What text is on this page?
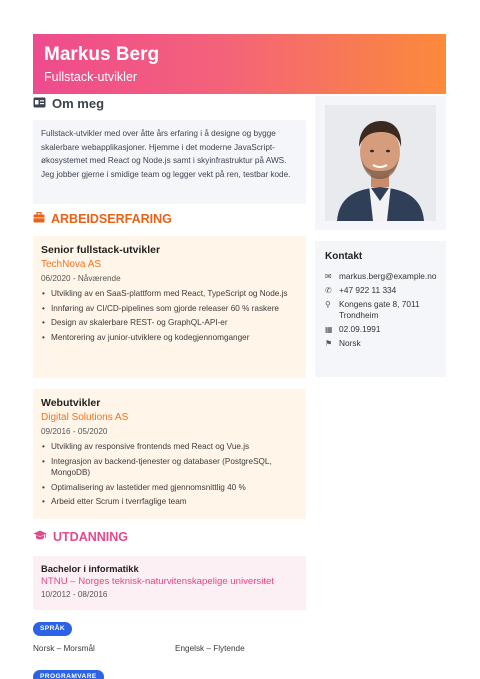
Markus Berg
Fullstack-utvikler
Om meg
Fullstack-utvikler med over åtte års erfaring i å designe og bygge skalerbare webapplikasjoner. Hjemme i det moderne JavaScript-økosystemet med React og Node.js samt i skyinfrastruktur på AWS. Jeg jobber gjerne i smidige team og legger vekt på ren, testbar kode.
Kontakt
✉ markus.berg@example.no
✆ +47 922 11 334
⚲ Kongens gate 8, 7011 Trondheim
▦ 02.09.1991
⚑ Norsk
ARBEIDSERFARING
Senior fullstack-utvikler
TechNova AS
06/2020 - Nåværende
• Utvikling av en SaaS-plattform med React, TypeScript og Node.js
• Innføring av CI/CD-pipelines som gjorde releaser 60 % raskere
• Design av skalerbare REST- og GraphQL-API-er
• Mentorering av junior-utviklere og kodegjennomganger
Webutvikler
Digital Solutions AS
09/2016 - 05/2020
• Utvikling av responsive frontends med React og Vue.js
• Integrasjon av backend-tjenester og databaser (PostgreSQL, MongoDB)
• Optimalisering av lastetider med gjennomsnittlig 40 %
• Arbeid etter Scrum i tverrfaglige team
UTDANNING
Bachelor i informatikk
NTNU – Norges teknisk-naturvitenskapelige universitet
10/2012 - 08/2016
SPRÅK
Norsk – Morsmål	Engelsk – Flytende
PROGRAMVARE
